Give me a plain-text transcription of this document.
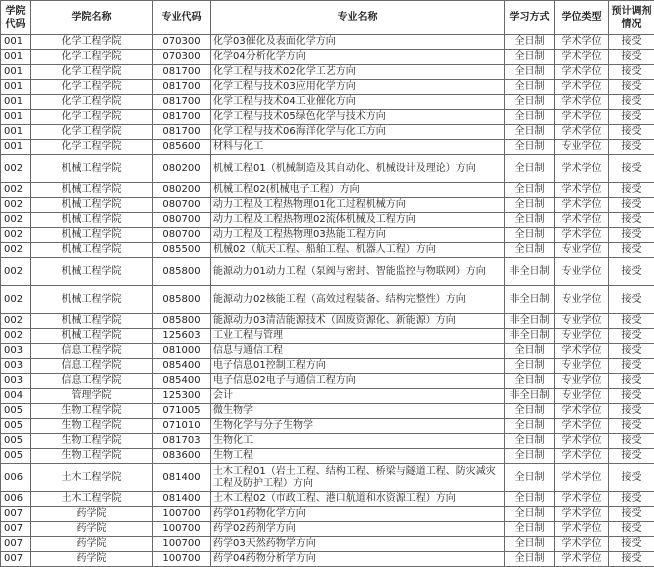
学院代码	学院名称	专业代码	专业名称	学习方式	学位类型	预计调剂情况
001	化学工程学院	070300	化学03催化及表面化学方向	全日制	学术学位	接受
001	化学工程学院	070300	化学04分析化学方向	全日制	学术学位	接受
001	化学工程学院	081700	化学工程与技术02化学工艺方向	全日制	学术学位	接受
001	化学工程学院	081700	化学工程与技术03应用化学方向	全日制	学术学位	接受
001	化学工程学院	081700	化学工程与技术04工业催化方向	全日制	学术学位	接受
001	化学工程学院	081700	化学工程与技术05绿色化学与技术方向	全日制	学术学位	接受
001	化学工程学院	081700	化学工程与技术06海洋化学与化工方向	全日制	学术学位	接受
001	化学工程学院	085600	材料与化工	全日制	专业学位	接受
002	机械工程学院	080200	机械工程01（机械制造及其自动化、机械设计及理论）方向	全日制	学术学位	接受
002	机械工程学院	080200	机械工程02(机械电子工程）方向	全日制	学术学位	接受
002	机械工程学院	080700	动力工程及工程热物理01化工过程机械方向	全日制	学术学位	接受
002	机械工程学院	080700	动力工程及工程热物理02流体机械及工程方向	全日制	学术学位	接受
002	机械工程学院	080700	动力工程及工程热物理03热能工程方向	全日制	学术学位	接受
002	机械工程学院	085500	机械02（航天工程、船舶工程、机器人工程）方向	全日制	专业学位	接受
002	机械工程学院	085800	能源动力01动力工程（泵阀与密封、智能监控与物联网）方向	非全日制	专业学位	接受
002	机械工程学院	085800	能源动力02核能工程（高效过程装备、结构完整性）方向	非全日制	专业学位	接受
002	机械工程学院	085800	能源动力03清洁能源技术（固废资源化、新能源）方向	非全日制	专业学位	接受
002	机械工程学院	125603	工业工程与管理	非全日制	专业学位	接受
003	信息工程学院	081000	信息与通信工程	全日制	学术学位	接受
003	信息工程学院	085400	电子信息01控制工程方向	全日制	专业学位	接受
003	信息工程学院	085400	电子信息02电子与通信工程方向	全日制	专业学位	接受
004	管理学院	125300	会计	非全日制	专业学位	接受
005	生物工程学院	071005	微生物学	全日制	学术学位	接受
005	生物工程学院	071010	生物化学与分子生物学	全日制	学术学位	接受
005	生物工程学院	081703	生物化工	全日制	学术学位	接受
005	生物工程学院	083600	生物工程	全日制	学术学位	接受
006	土木工程学院	081400	土木工程01（岩土工程、结构工程、桥梁与隧道工程、防灾减灾工程及防护工程）方向	全日制	学术学位	接受
006	土木工程学院	081400	土木工程02（市政工程、港口航道和水资源工程）方向	全日制	学术学位	接受
007	药学院	100700	药学01药物化学方向	全日制	学术学位	接受
007	药学院	100700	药学02药剂学方向	全日制	学术学位	接受
007	药学院	100700	药学03天然药物学方向	全日制	学术学位	接受
007	药学院	100700	药学04药物分析学方向	全日制	学术学位	接受
